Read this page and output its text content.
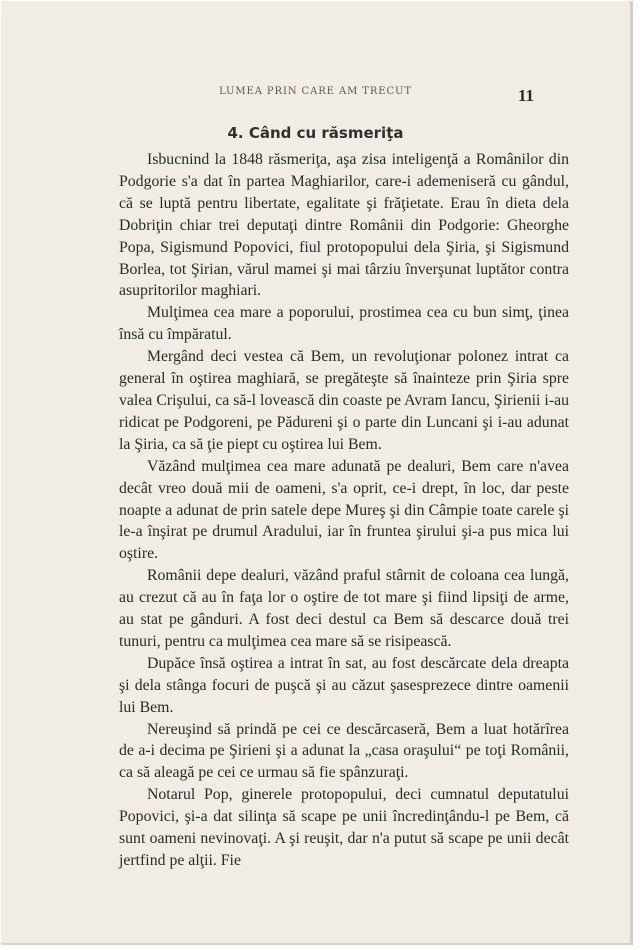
LUMEA PRIN CARE AM TRECUT	11
4. Când cu răsmeriţa

Isbucnind la 1848 răsmeriţa, aşa zisa inteligenţă a Românilor din Podgorie s'a dat în partea Maghiarilor, care-i ademeniseră cu gândul, că se luptă pentru libertate, egalitate şi frăţietate. Erau în dieta dela Dobriţin chiar trei deputaţi dintre Românii din Podgorie: Gheorghe Popa, Sigismund Popovici, fiul protopopului dela Şiria, şi Sigismund Borlea, tot Şirian, vărul mamei şi mai târziu înverşunat luptător contra asupritorilor maghiari.

Mulţimea cea mare a poporului, prostimea cea cu bun simţ, ţinea însă cu împăratul.

Mergând deci vestea că Bem, un revoluţionar polonez intrat ca general în oştirea maghiară, se pregăteşte să înainteze prin Şiria spre valea Crişului, ca să-l lovească din coaste pe Avram Iancu, Şirienii i-au ridicat pe Podgoreni, pe Pădureni şi o parte din Luncani şi i-au adunat la Şiria, ca să ţie piept cu oştirea lui Bem.

Văzând mulţimea cea mare adunată pe dealuri, Bem care n'avea decât vreo două mii de oameni, s'a oprit, ce-i drept, în loc, dar peste noapte a adunat de prin satele depe Mureş şi din Câmpie toate carele şi le-a înşirat pe drumul Aradului, iar în fruntea şirului şi-a pus mica lui oştire.

Românii depe dealuri, văzând praful stârnit de coloana cea lungă, au crezut că au în faţa lor o oştire de tot mare şi fiind lipsiţi de arme, au stat pe gânduri. A fost deci destul ca Bem să descarce două trei tunuri, pentru ca mulţimea cea mare să se risipească.

Dupăce însă oştirea a intrat în sat, au fost descărcate dela dreapta şi dela stânga focuri de puşcă şi au căzut şasesprezece dintre oamenii lui Bem.

Nereuşind să prindă pe cei ce descărcaseră, Bem a luat hotărîrea de a-i decima pe Şirieni şi a adunat la „casa oraşului“ pe toţi Românii, ca să aleagă pe cei ce urmau să fie spânzuraţi.

Notarul Pop, ginerele protopopului, deci cumnatul deputatului Popovici, şi-a dat silinţa să scape pe unii încredinţându-l pe Bem, că sunt oameni nevinovaţi. A şi reuşit, dar n'a putut să scape pe unii decât jertfind pe alţii. Fie
